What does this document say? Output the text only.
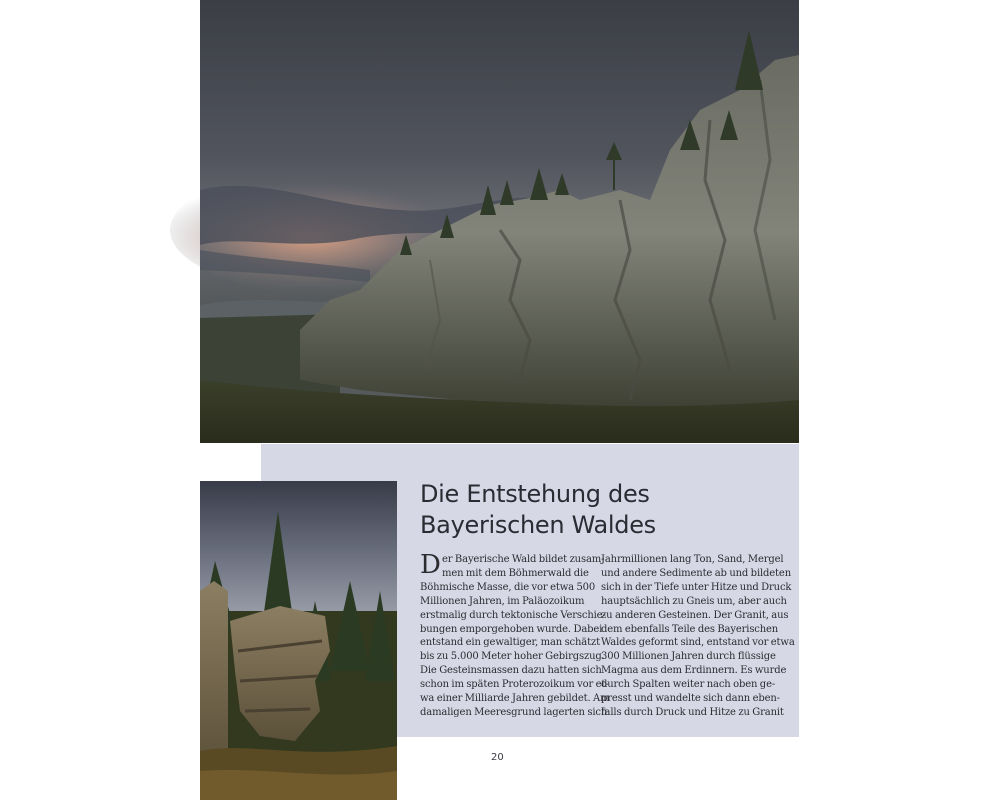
Die Entstehung des
Bayerischen Waldes
D er Bayerische Wald bildet zusam-
men mit dem Böhmerwald die
Böhmische Masse, die vor etwa 500
Millionen Jahren, im Paläozoikum
erstmalig durch tektonische Verschie-
bungen emporgehoben wurde. Dabei
entstand ein gewaltiger, man schätzt
bis zu 5.000 Meter hoher Gebirgszug.
Die Gesteinsmassen dazu hatten sich
schon im späten Proterozoikum vor et-
wa einer Milliarde Jahren gebildet. Am
damaligen Meeresgrund lagerten sich
Jahrmillionen lang Ton, Sand, Mergel
und andere Sedimente ab und bildeten
sich in der Tiefe unter Hitze und Druck
hauptsächlich zu Gneis um, aber auch
zu anderen Gesteinen. Der Granit, aus
dem ebenfalls Teile des Bayerischen
Waldes geformt sind, entstand vor etwa
300 Millionen Jahren durch flüssige
Magma aus dem Erdinnern. Es wurde
durch Spalten weiter nach oben ge-
presst und wandelte sich dann eben-
falls durch Druck und Hitze zu Granit
20
